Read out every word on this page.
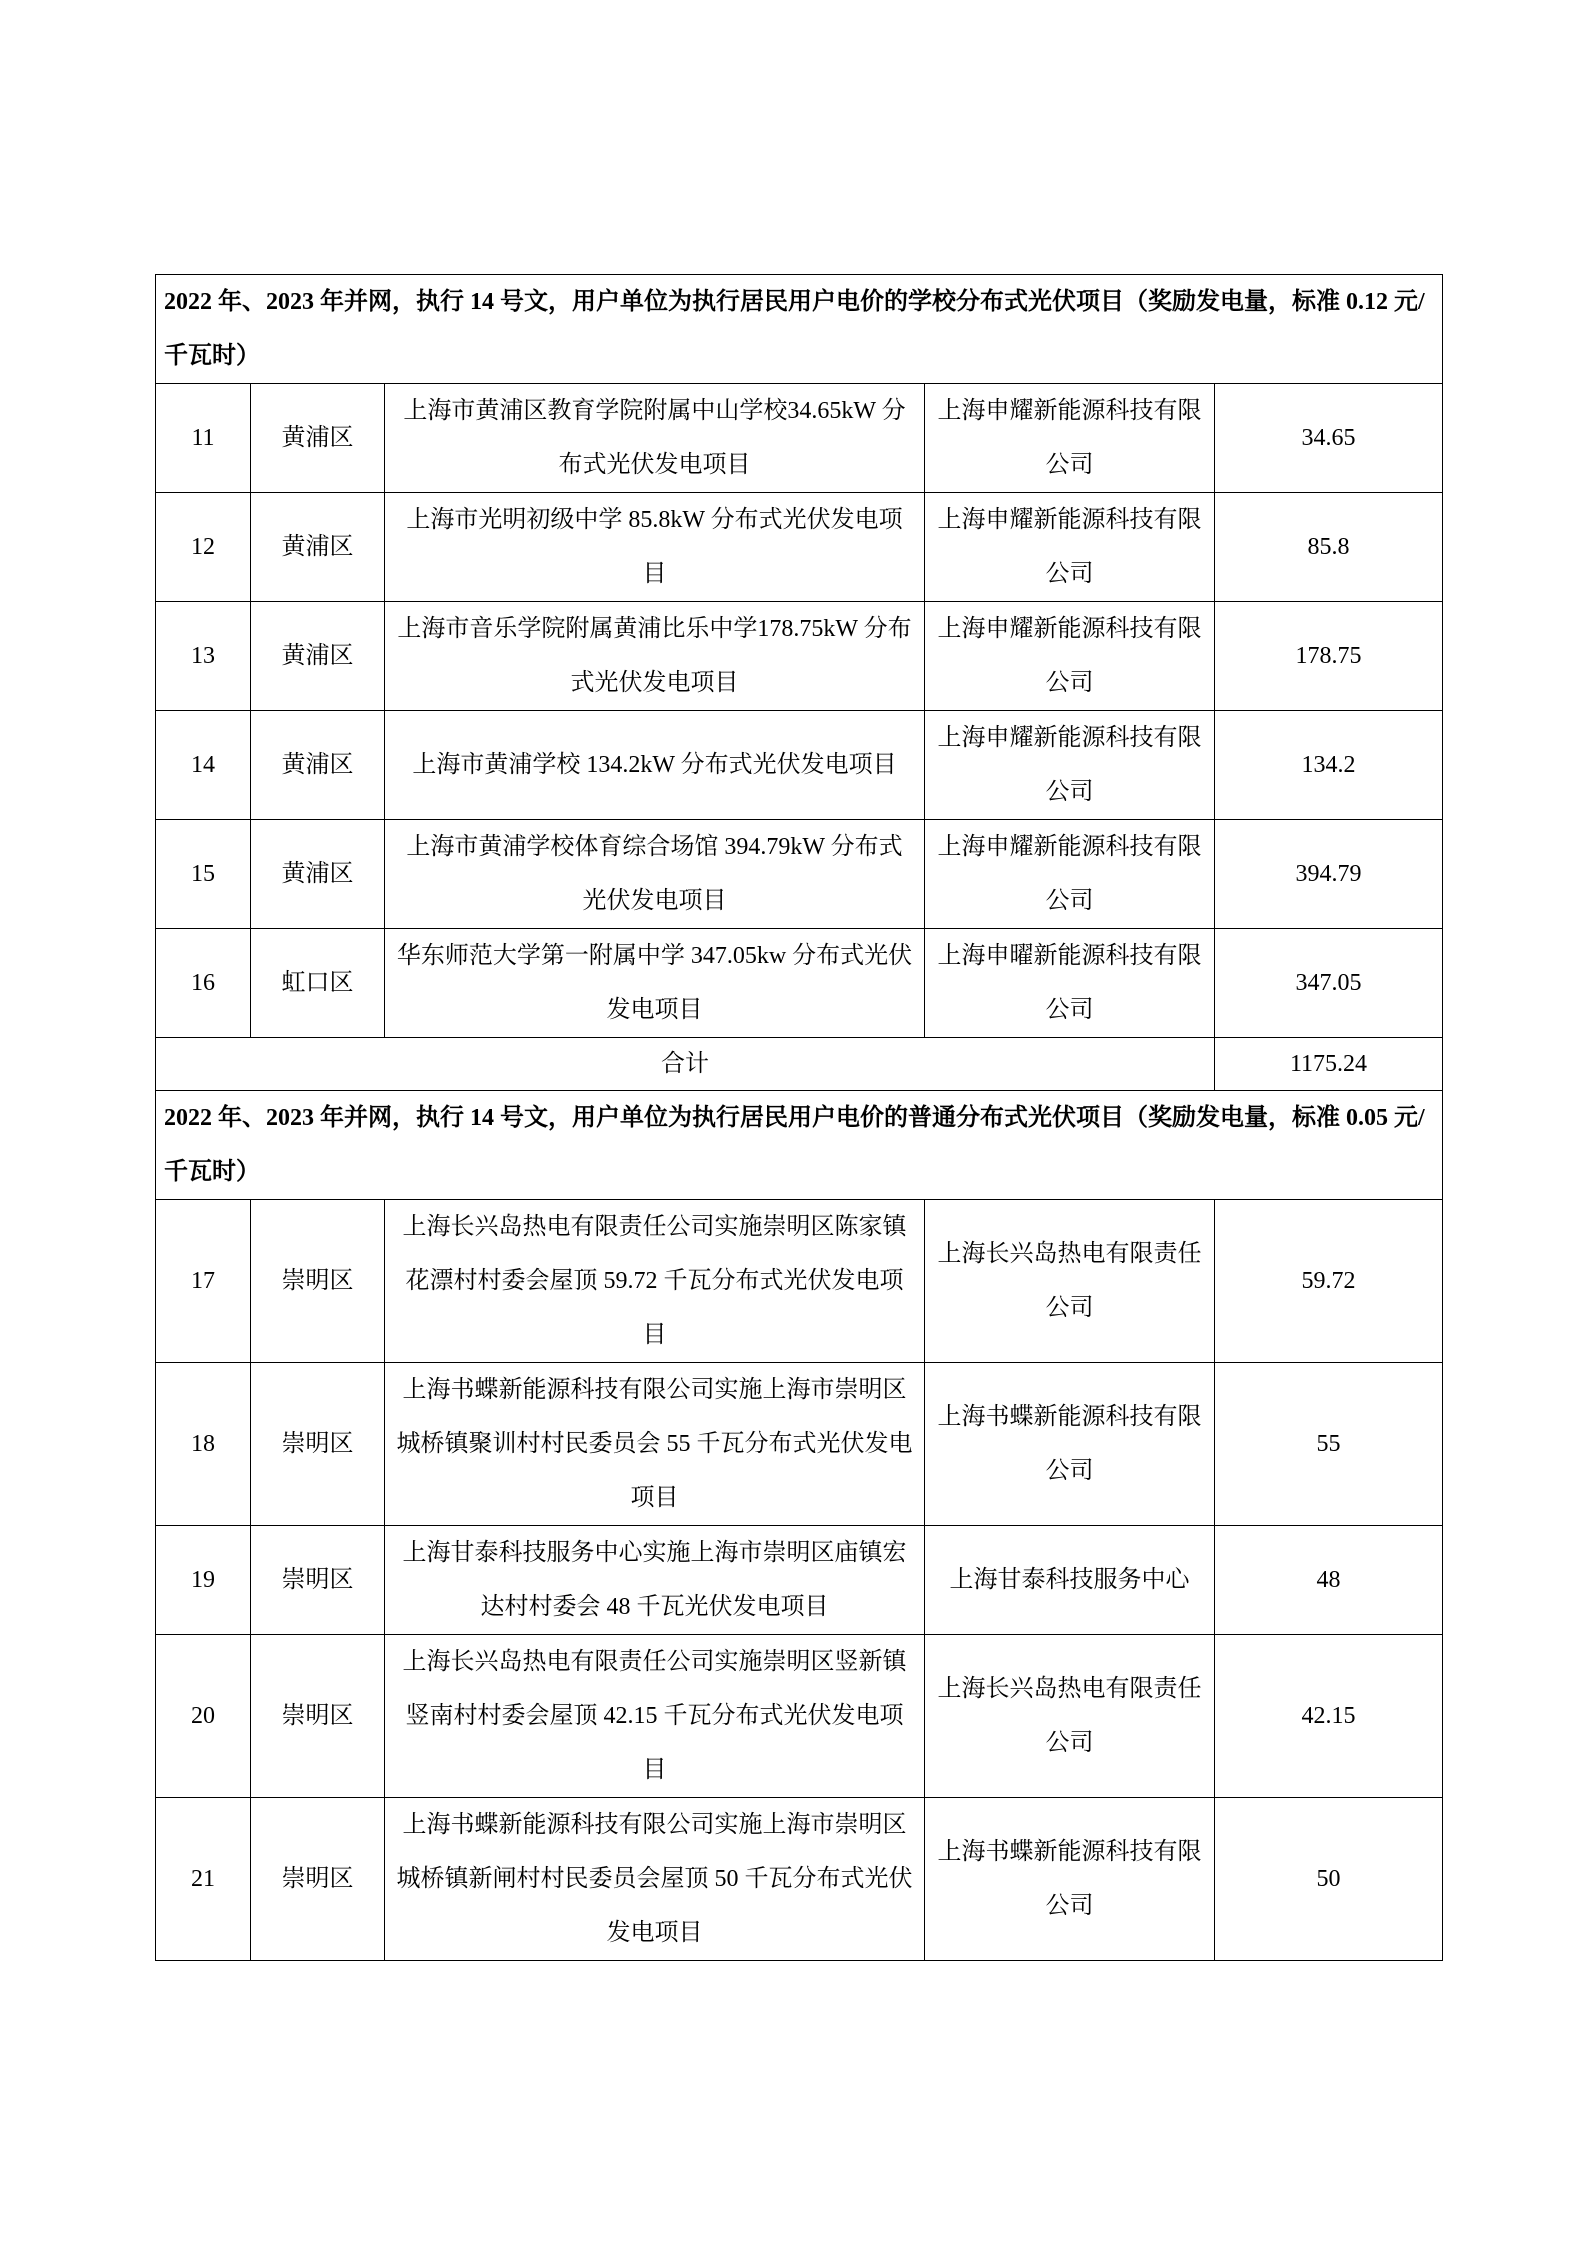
2022 年、2023 年并网，执行 14 号文，用户单位为执行居民用户电价的学校分布式光伏项目（奖励发电量，标准 0.12 元/千瓦时）				
11	黄浦区	上海市黄浦区教育学院附属中山学校34.65kW 分布式光伏发电项目	上海申耀新能源科技有限公司	34.65
12	黄浦区	上海市光明初级中学 85.8kW 分布式光伏发电项目	上海申耀新能源科技有限公司	85.8
13	黄浦区	上海市音乐学院附属黄浦比乐中学178.75kW 分布式光伏发电项目	上海申耀新能源科技有限公司	178.75
14	黄浦区	上海市黄浦学校 134.2kW 分布式光伏发电项目	上海申耀新能源科技有限公司	134.2
15	黄浦区	上海市黄浦学校体育综合场馆 394.79kW 分布式光伏发电项目	上海申耀新能源科技有限公司	394.79
16	虹口区	华东师范大学第一附属中学 347.05kw 分布式光伏发电项目	上海申曜新能源科技有限公司	347.05
合计				1175.24
2022 年、2023 年并网，执行 14 号文，用户单位为执行居民用户电价的普通分布式光伏项目（奖励发电量，标准 0.05 元/千瓦时）				
17	崇明区	上海长兴岛热电有限责任公司实施崇明区陈家镇花漂村村委会屋顶 59.72 千瓦分布式光伏发电项目	上海长兴岛热电有限责任公司	59.72
18	崇明区	上海书蝶新能源科技有限公司实施上海市崇明区城桥镇聚训村村民委员会 55 千瓦分布式光伏发电项目	上海书蝶新能源科技有限公司	55
19	崇明区	上海甘泰科技服务中心实施上海市崇明区庙镇宏达村村委会 48 千瓦光伏发电项目	上海甘泰科技服务中心	48
20	崇明区	上海长兴岛热电有限责任公司实施崇明区竖新镇竖南村村委会屋顶 42.15 千瓦分布式光伏发电项目	上海长兴岛热电有限责任公司	42.15
21	崇明区	上海书蝶新能源科技有限公司实施上海市崇明区城桥镇新闸村村民委员会屋顶 50 千瓦分布式光伏发电项目	上海书蝶新能源科技有限公司	50
